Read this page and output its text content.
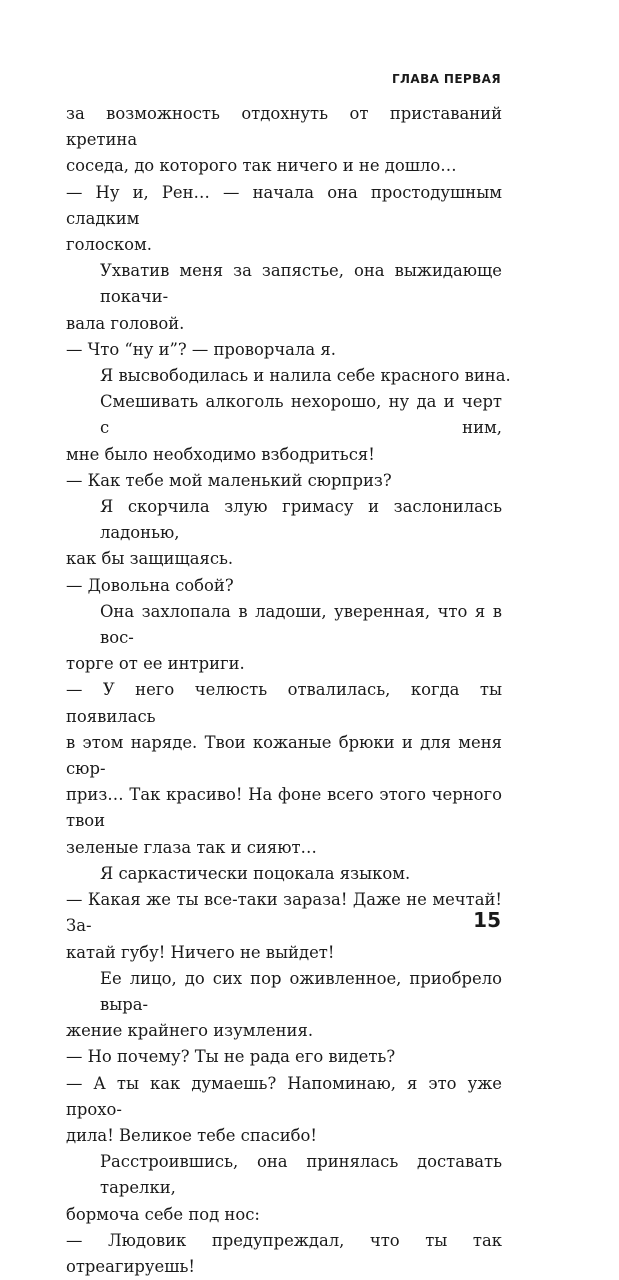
ГЛАВА ПЕРВАЯ
за возможность отдохнуть от приставаний кретина
соседа, до которого так ничего и не дошло…
— Ну и, Рен… — начала она простодушным сладким
голоском.
Ухватив меня за запястье, она выжидающе покачи-
вала головой.
— Что “ну и”? — проворчала я.
Я высвободилась и налила себе красного вина.
Смешивать алкоголь нехорошо, ну да и черт с ним,
мне было необходимо взбодриться!
— Как тебе мой маленький сюрприз?
Я скорчила злую гримасу и заслонилась ладонью,
как бы защищаясь.
— Довольна собой?
Она захлопала в ладоши, уверенная, что я в вос-
торге от ее интриги.
— У него челюсть отвалилась, когда ты появилась
в этом наряде. Твои кожаные брюки и для меня сюр-
приз… Так красиво! На фоне всего этого черного твои
зеленые глаза так и сияют…
Я саркастически поцокала языком.
— Какая же ты все-таки зараза! Даже не мечтай! За-
катай губу! Ничего не выйдет!
Ее лицо, до сих пор оживленное, приобрело выра-
жение крайнего изумления.
— Но почему? Ты не рада его видеть?
— А ты как думаешь? Напоминаю, я это уже прохо-
дила! Великое тебе спасибо!
Расстроившись, она принялась доставать тарелки,
бормоча себе под нос:
— Людовик предупреждал, что ты так отреагируешь!
15
